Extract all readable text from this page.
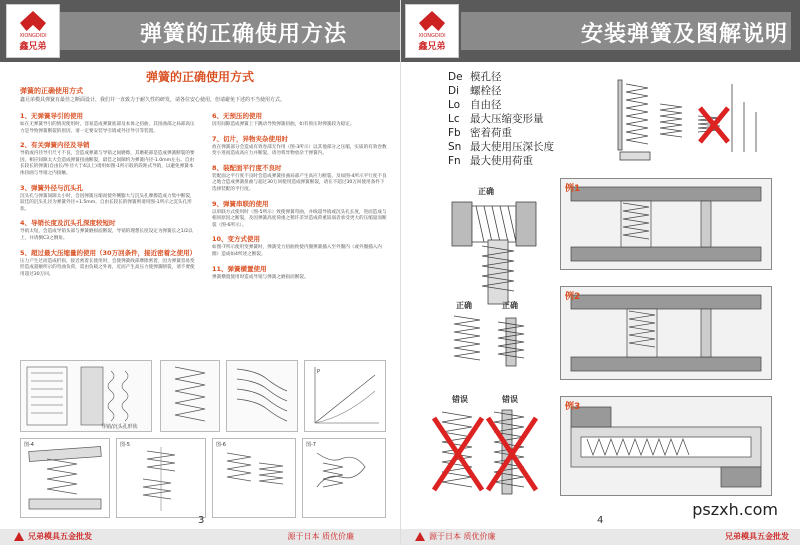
弹簧的正确使用方法
XIONGDIDI
鑫兄弟
弹簧的正确使用方式
弹簧的正确使用方式
鑫兄弟模具弹簧有最佳之断面设计，我们并一直致力于耐久性的研发，请各位安心使用，但请避免下述的不当使用方式。
1、无弹簧导引的使用

如在无弹簧导引的情况使用时，容易造成弹簧底部及本体之扭曲，其扭曲部之局部高压力是导致弹簧断裂的原因，请一定要安装导引销或外径导引等装置。

2、有关弹簧内径及导销

导销或内径导引尺寸不良，会造成弹簧与导销之间磨擦，其磨耗部是造成弹簧断裂的要因，相应间隙太大会造成弹簧扭曲断裂，最佳之间隙约为弹簧内径-1.0mm左右。自由长较长的弹簧(自由长/外径大于4以上)请用如图-1所示般的段距式导销，以避免弹簧本体扭曲与导销之内接触。

3、弹簧外径与沉头孔

沉头孔与弹簧间隙太小时，会因弹簧压缩而使外侧膨大与沉头孔摩擦造成力集中断裂，较佳的沉头孔径为弹簧外径+1.5mm，自由长较长的弹簧则请用图-1所示之沉头孔形状。

4、导销长度及沉头孔深度较短时

导销太短，会造成导销头部与弹簧磨损面断裂，导销的理想长度设定为弹簧长之1/2以上，并请倒C3之倒角。

5、超过最大压缩量的使用（30万回条件，接近密着之使用）

压力产生过而造成折损，接近密着长使用时，会使弹簧线部摩擦密着，因为弹簧容易变形造成超额所示的弯曲负荷，需由负载之外再，近而产生高压力使弹簧断裂，请不要使用超过30万回。

6、无预压的使用

因有间隙造成弹簧上下跳动导致弹簧扭曲，如有预压时弹簧较为稳定。

7、切片，异物夹杂使用时

放在弹簧部分会造成有效卷部无作用（图-3所示）以其他部分之压缩，实质的有效卷数变小进而造成高应力并断裂，请勿将异物放杂于弹簧内。

8、装配面平行度不良时

装配面之平行度不良时会造成弹簧扭曲局部产生高应力断裂，及如图-4所示平行度不良之地合造成弹簧扭曲与超过30万回使用造成弹簧断裂，请在不超过30万回使用条件下选择装配的平行度。

9、弹簧串联的使用

以串联方式使用时（图-5所示）致使弹簧弯曲，并线超导销或沉头孔长度，进而造成与相同原因之断裂，及因弹簧高度荷重之稍许差异造成荷重较弱者承受更大的压缩量而断裂（图-6所示）。

10、变方式使用

如图-7所示使用变弹簧时，弹簧受力扭曲致使内圈弹簧插入至外圈内（或外圈插入内圈）造成如4所述之断裂。

11、弹簧横置使用

弹簧横置使用时造成导销与弹簧之磨损而断裂。

导销/沉头孔形状
P
图-4	图-5	图-6	图-7
兄弟模具五金批发
3
源于日本 质优价廉
安装弹簧及图解说明
XIONGDIDI
鑫兄弟
源于日本 质优价廉
4
兄弟模具五金批发
De 模孔径
Di 螺栓径
Lo 自由径
Lc 最大压缩变形量
Fb 密着荷重
Sn 最大使用压深长度
Fn 最大使用荷重
正确
正确	正确
错误	错误
例1
例2
例3
pszxh.com
